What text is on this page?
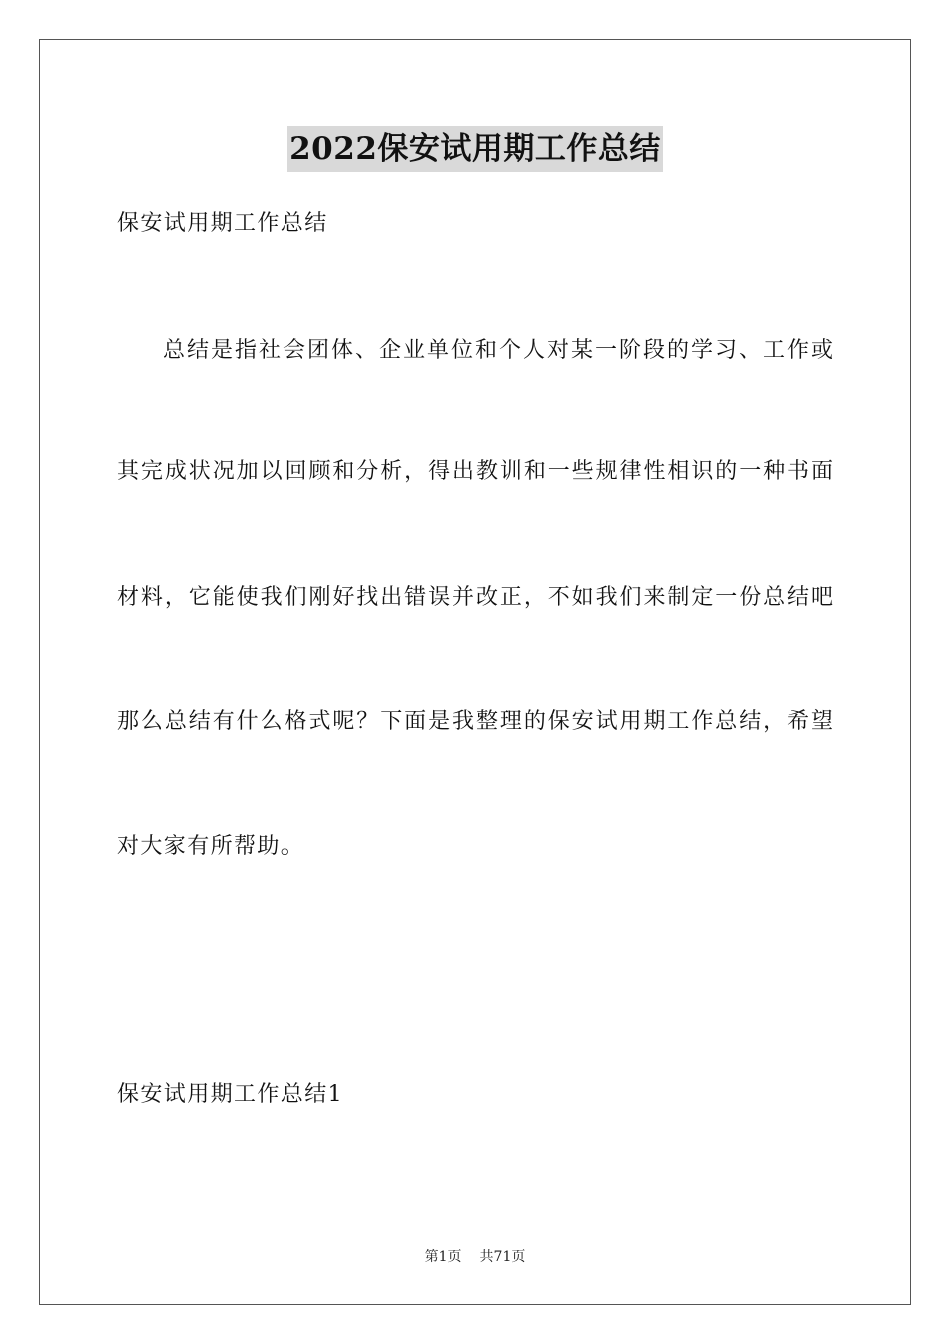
2022保安试用期工作总结
保安试用期工作总结
总结是指社会团体、企业单位和个人对某一阶段的学习、工作或
其完成状况加以回顾和分析，得出教训和一些规律性相识的一种书面
材料，它能使我们刚好找出错误并改正，不如我们来制定一份总结吧
那么总结有什么格式呢？下面是我整理的保安试用期工作总结，希望
对大家有所帮助。
保安试用期工作总结1
第1页 共71页
